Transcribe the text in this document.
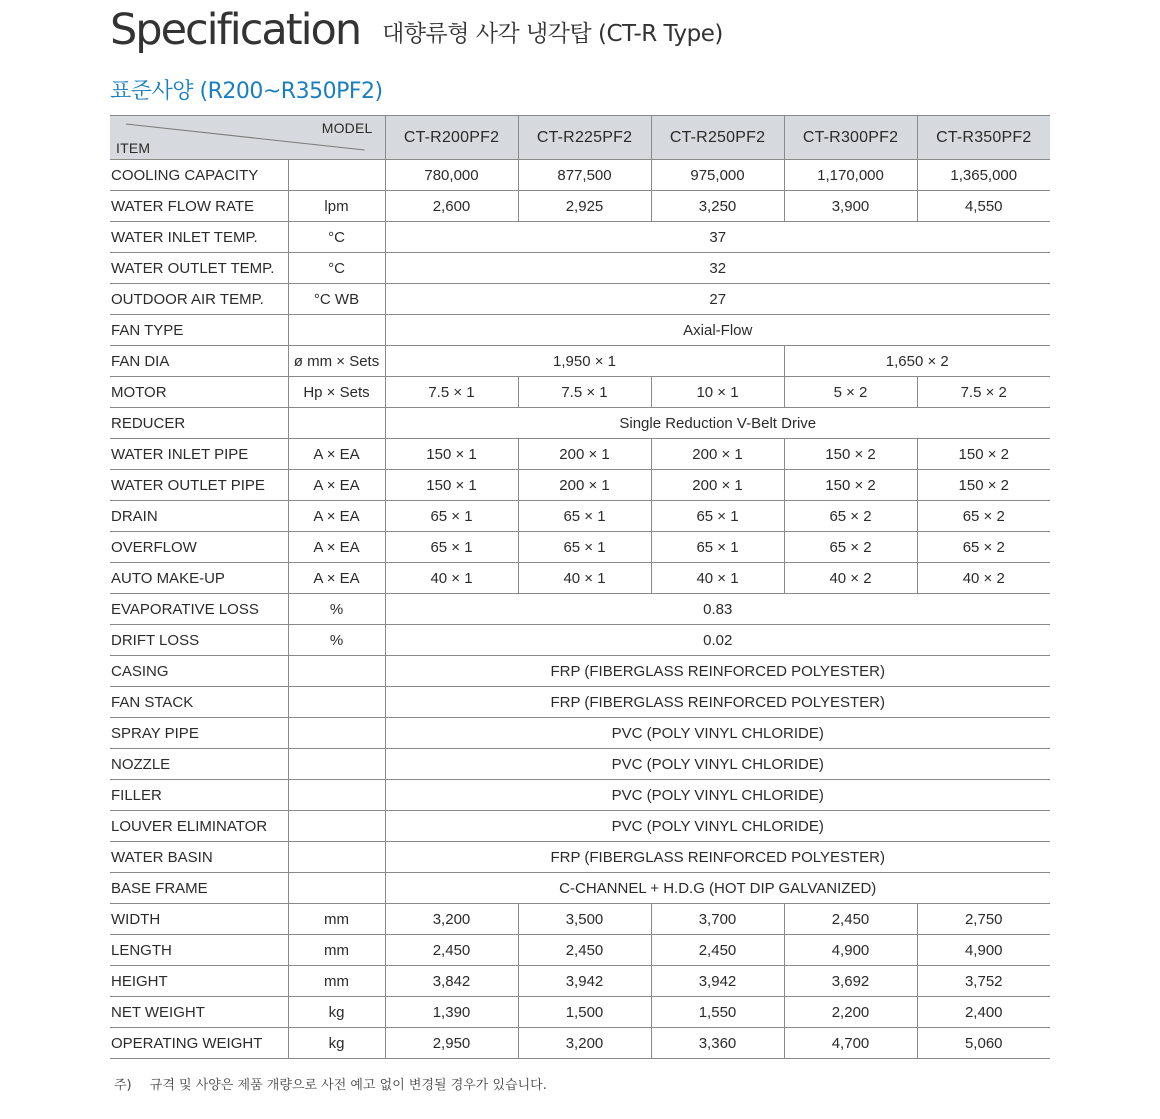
Specification 대향류형 사각 냉각탑 (CT-R Type)
표준사양 (R200~R350PF2)
MODEL
ITEM		CT-R200PF2	CT-R225PF2	CT-R250PF2	CT-R300PF2	CT-R350PF2
COOLING CAPACITY		780,000	877,500	975,000	1,170,000	1,365,000
WATER FLOW RATE	lpm	2,600	2,925	3,250	3,900	4,550
WATER INLET TEMP.	°C	37				
WATER OUTLET TEMP.	°C	32				
OUTDOOR AIR TEMP.	°C WB	27				
FAN TYPE		Axial-Flow				
FAN DIA	ø mm × Sets	1,950 × 1			1,650 × 2	
MOTOR	Hp × Sets	7.5 × 1	7.5 × 1	10 × 1	5 × 2	7.5 × 2
REDUCER		Single Reduction V-Belt Drive				
WATER INLET PIPE	A × EA	150 × 1	200 × 1	200 × 1	150 × 2	150 × 2
WATER OUTLET PIPE	A × EA	150 × 1	200 × 1	200 × 1	150 × 2	150 × 2
DRAIN	A × EA	65 × 1	65 × 1	65 × 1	65 × 2	65 × 2
OVERFLOW	A × EA	65 × 1	65 × 1	65 × 1	65 × 2	65 × 2
AUTO MAKE-UP	A × EA	40 × 1	40 × 1	40 × 1	40 × 2	40 × 2
EVAPORATIVE LOSS	%	0.83				
DRIFT LOSS	%	0.02				
CASING		FRP (FIBERGLASS REINFORCED POLYESTER)				
FAN STACK		FRP (FIBERGLASS REINFORCED POLYESTER)				
SPRAY PIPE		PVC (POLY VINYL CHLORIDE)				
NOZZLE		PVC (POLY VINYL CHLORIDE)				
FILLER		PVC (POLY VINYL CHLORIDE)				
LOUVER ELIMINATOR		PVC (POLY VINYL CHLORIDE)				
WATER BASIN		FRP (FIBERGLASS REINFORCED POLYESTER)				
BASE FRAME		C-CHANNEL + H.D.G (HOT DIP GALVANIZED)				
WIDTH	mm	3,200	3,500	3,700	2,450	2,750
LENGTH	mm	2,450	2,450	2,450	4,900	4,900
HEIGHT	mm	3,842	3,942	3,942	3,692	3,752
NET WEIGHT	kg	1,390	1,500	1,550	2,200	2,400
OPERATING WEIGHT	kg	2,950	3,200	3,360	4,700	5,060
주) 규격 및 사양은 제품 개량으로 사전 예고 없이 변경될 경우가 있습니다.
